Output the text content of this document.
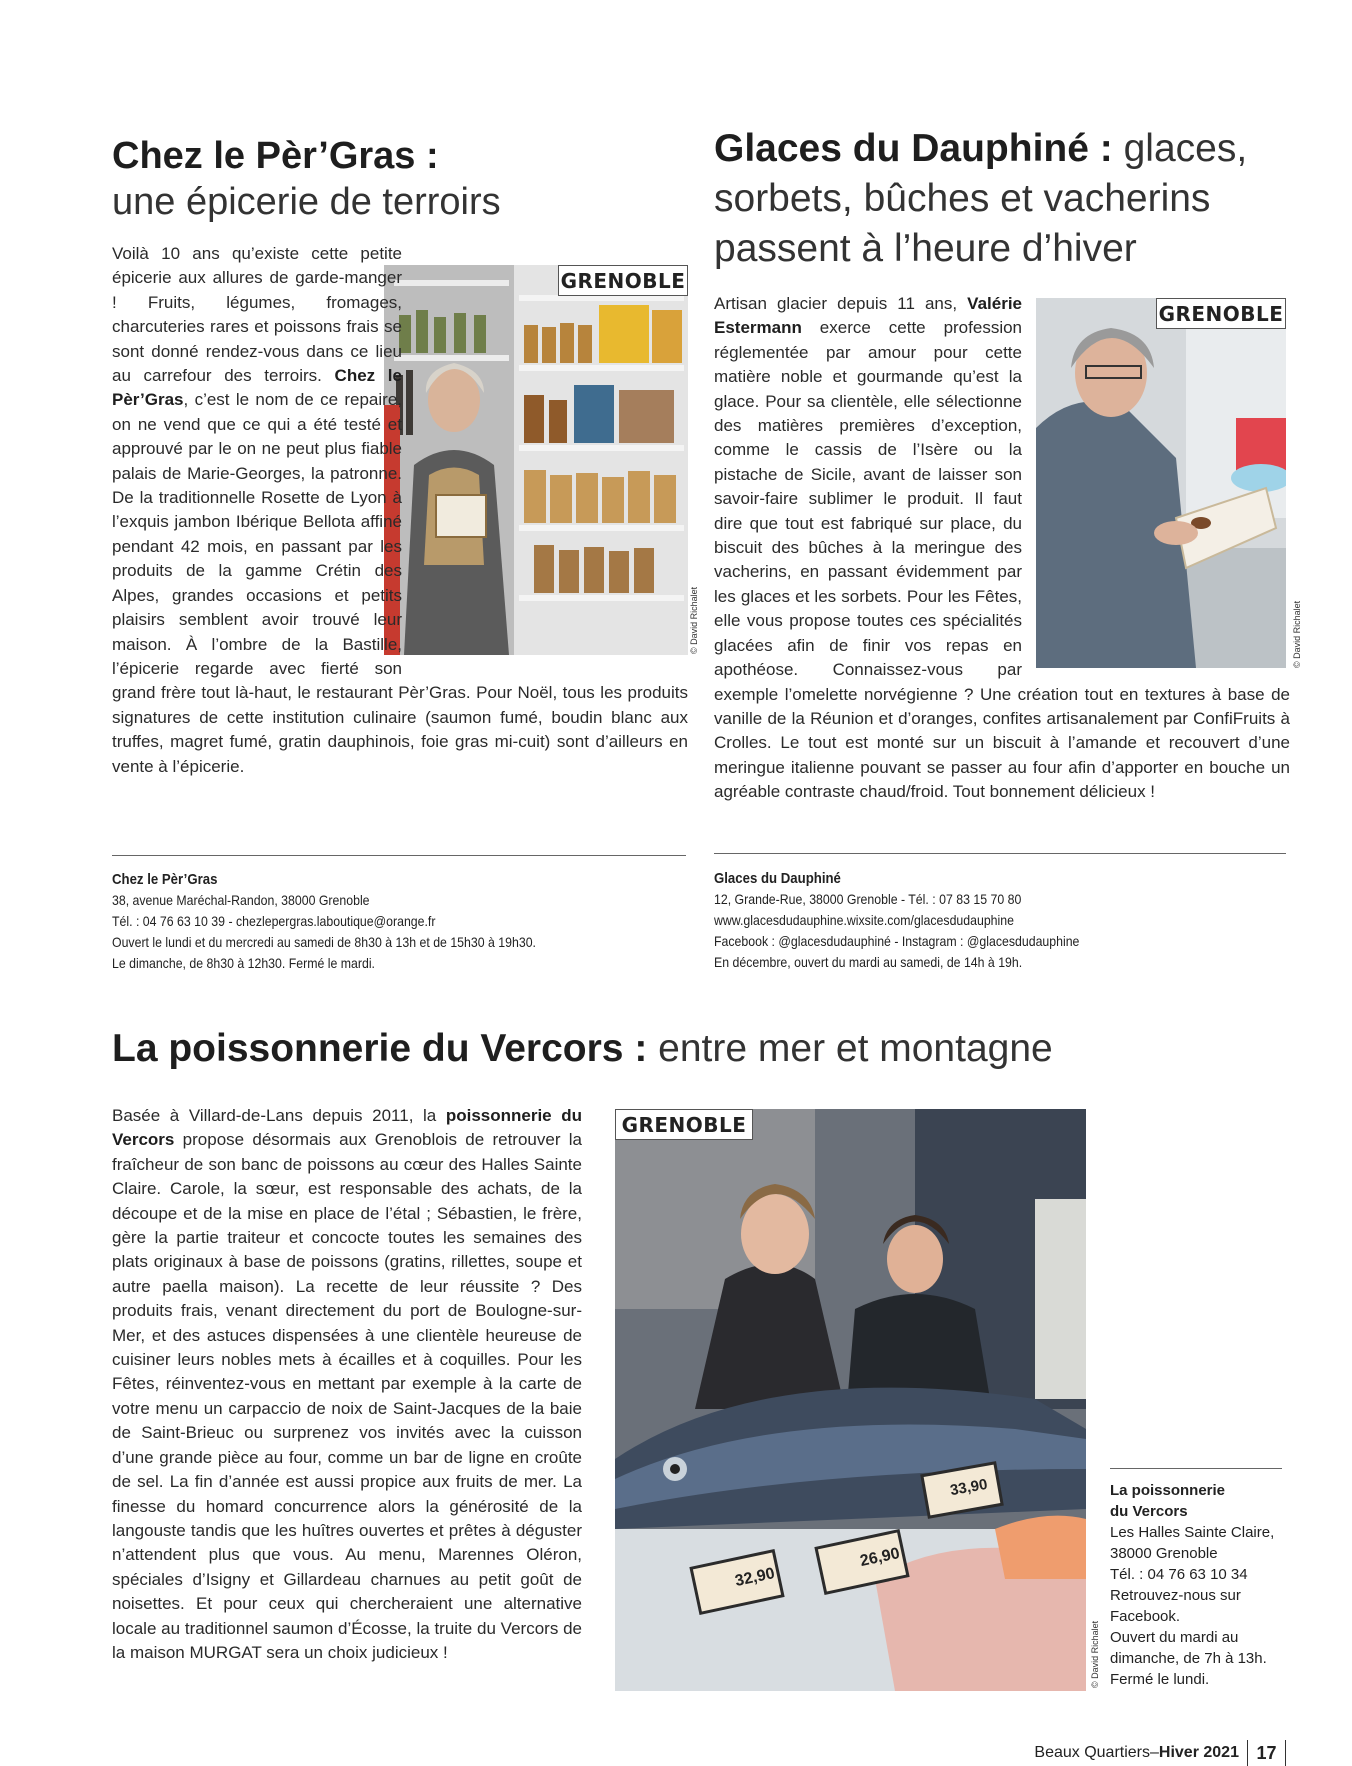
Chez le Pèr’Gras :
une épicerie de terroirs
GRENOBLE
© David Richalet

Voilà 10 ans qu’existe cette petite épicerie aux allures de garde-manger ! Fruits, légumes, fromages, charcuteries rares et poissons frais se sont donné rendez-vous dans ce lieu au carrefour des terroirs. Chez le Pèr’Gras, c’est le nom de ce repaire, on ne vend que ce qui a été testé et approuvé par le on ne peut plus fiable palais de Marie-Georges, la patronne. De la traditionnelle Rosette de Lyon à l’exquis jambon Ibérique Bellota affiné pendant 42 mois, en passant par les produits de la gamme Crétin des Alpes, grandes occasions et petits plaisirs semblent avoir trouvé leur maison. À l’ombre de la Bastille, l’épicerie regarde avec fierté son grand frère tout là-haut, le restaurant Pèr’Gras. Pour Noël, tous les produits signatures de cette institution culinaire (saumon fumé, boudin blanc aux truffes, magret fumé, gratin dauphinois, foie gras mi-cuit) sont d’ailleurs en vente à l’épicerie.

Chez le Pèr’Gras
38, avenue Maréchal-Randon, 38000 Grenoble
Tél. : 04 76 63 10 39 - chezlepergras.laboutique@orange.fr
Ouvert le lundi et du mercredi au samedi de 8h30 à 13h et de 15h30 à 19h30.
Le dimanche, de 8h30 à 12h30. Fermé le mardi.
Glaces du Dauphiné : glaces,
sorbets, bûches et vacherins
passent à l’heure d’hiver
GRENOBLE
© David Richalet

Artisan glacier depuis 11 ans, Valérie Estermann exerce cette profession réglementée par amour pour cette matière noble et gourmande qu’est la glace. Pour sa clientèle, elle sélectionne des matières premières d’exception, comme le cassis de l’Isère ou la pistache de Sicile, avant de laisser son savoir-faire sublimer le produit. Il faut dire que tout est fabriqué sur place, du biscuit des bûches à la meringue des vacherins, en passant évidemment par les glaces et les sorbets. Pour les Fêtes, elle vous propose toutes ces spécialités glacées afin de finir vos repas en apothéose. Connaissez-vous par exemple l’omelette norvégienne ? Une création tout en textures à base de vanille de la Réunion et d’oranges, confites artisanalement par ConfiFruits à Crolles. Le tout est monté sur un biscuit à l’amande et recouvert d’une meringue italienne pouvant se passer au four afin d’apporter en bouche un agréable contraste chaud/froid. Tout bonnement délicieux !

Glaces du Dauphiné
12, Grande-Rue, 38000 Grenoble - Tél. : 07 83 15 70 80
www.glacesdudauphine.wixsite.com/glacesdudauphine
Facebook : @glacesdudauphiné - Instagram : @glacesdudauphine
En décembre, ouvert du mardi au samedi, de 14h à 19h.
La poissonnerie du Vercors : entre mer et montagne

Basée à Villard-de-Lans depuis 2011, la poissonnerie du Vercors propose désormais aux Grenoblois de retrouver la fraîcheur de son banc de poissons au cœur des Halles Sainte Claire. Carole, la sœur, est responsable des achats, de la découpe et de la mise en place de l’étal ; Sébastien, le frère, gère la partie traiteur et concocte toutes les semaines des plats originaux à base de poissons (gratins, rillettes, soupe et autre paella maison). La recette de leur réussite ? Des produits frais, venant directement du port de Boulogne-sur-Mer, et des astuces dispensées à une clientèle heureuse de cuisiner leurs nobles mets à écailles et à coquilles. Pour les Fêtes, réinventez-vous en mettant par exemple à la carte de votre menu un carpaccio de noix de Saint-Jacques de la baie de Saint-Brieuc ou surprenez vos invités avec la cuisson d’une grande pièce au four, comme un bar de ligne en croûte de sel. La fin d’année est aussi propice aux fruits de mer. La finesse du homard concurrence alors la générosité de la langouste tandis que les huîtres ouvertes et prêtes à déguster n’attendent plus que vous. Au menu, Marennes Oléron, spéciales d’Isigny et Gillardeau charnues au petit goût de noisettes. Et pour ceux qui chercheraient une alternative locale au traditionnel saumon d’Écosse, la truite du Vercors de la maison MURGAT sera un choix judicieux !

32,90
26,90
33,90
GRENOBLE
© David Richalet
La poissonnerie
du Vercors
Les Halles Sainte Claire,
38000 Grenoble
Tél. : 04 76 63 10 34
Retrouvez-nous sur
Facebook.
Ouvert du mardi au
dimanche, de 7h à 13h.
Fermé le lundi.
Beaux Quartiers – Hiver 2021 17
